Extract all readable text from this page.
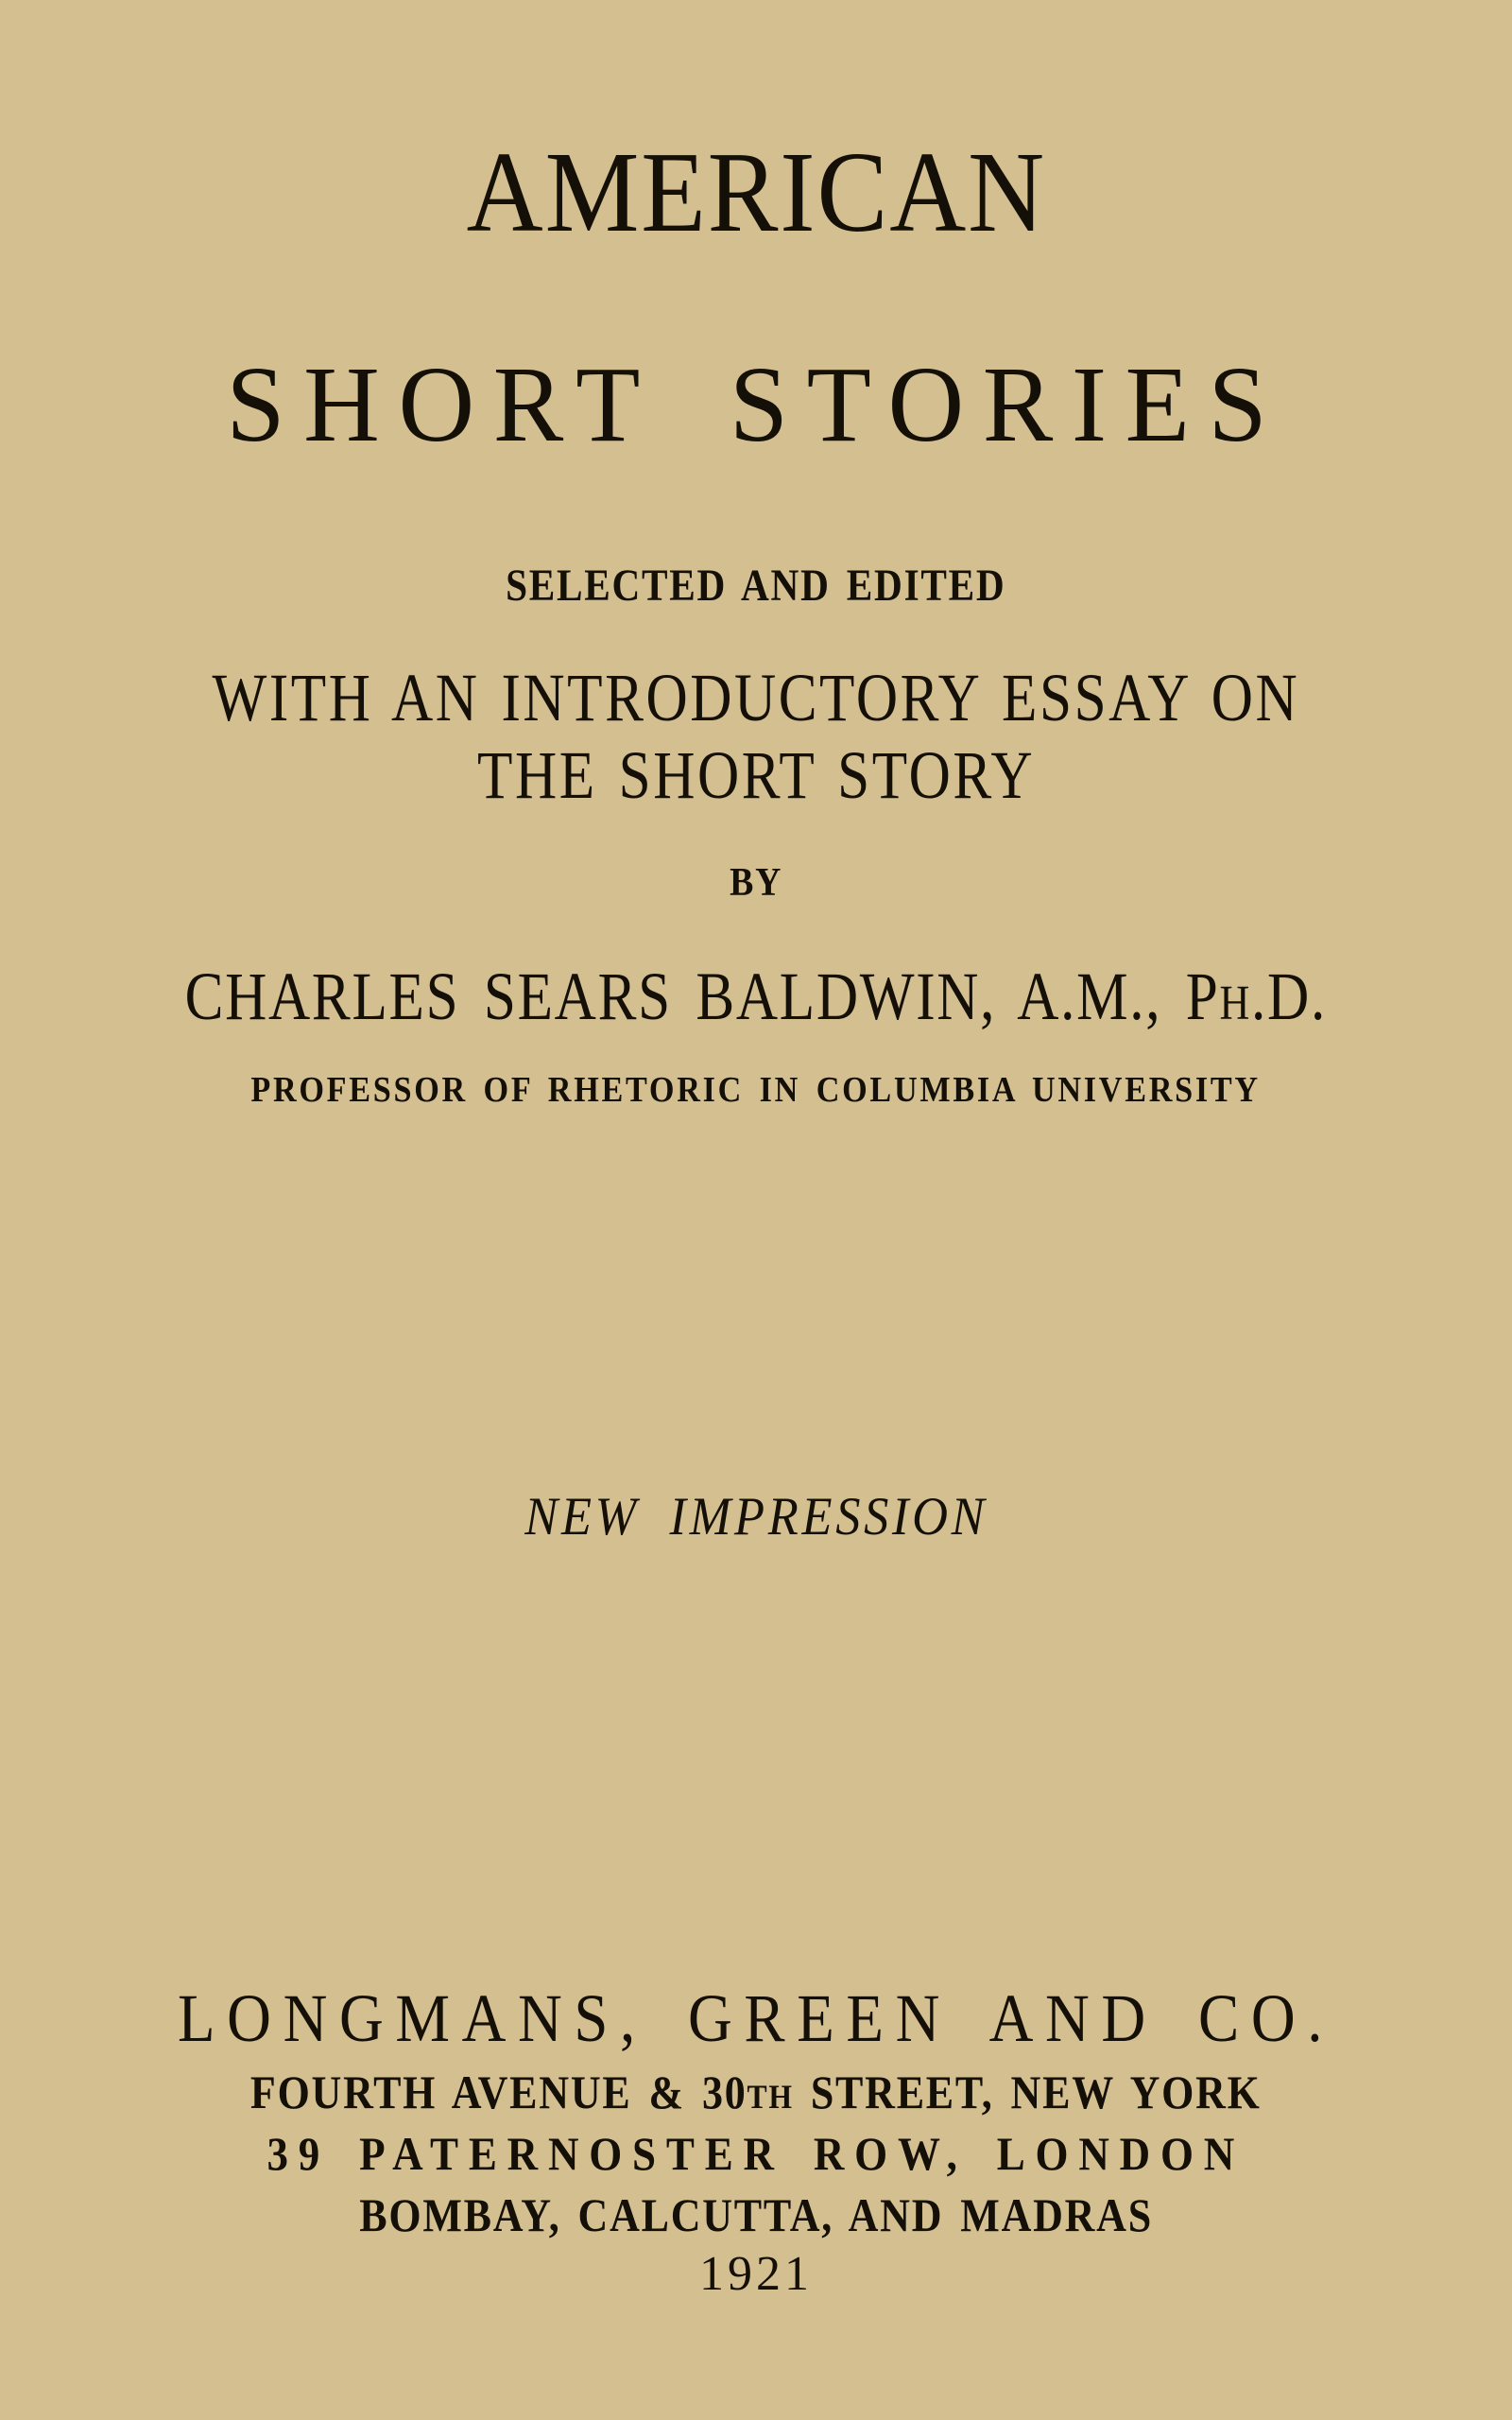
AMERICAN
SHORT STORIES
SELECTED AND EDITED
WITH AN INTRODUCTORY ESSAY ON
THE SHORT STORY
BY
CHARLES SEARS BALDWIN, A.M., PH.D.
PROFESSOR OF RHETORIC IN COLUMBIA UNIVERSITY
NEW IMPRESSION
LONGMANS, GREEN AND CO.
FOURTH AVENUE & 30TH STREET, NEW YORK
39 PATERNOSTER ROW, LONDON
BOMBAY, CALCUTTA, AND MADRAS
1921
